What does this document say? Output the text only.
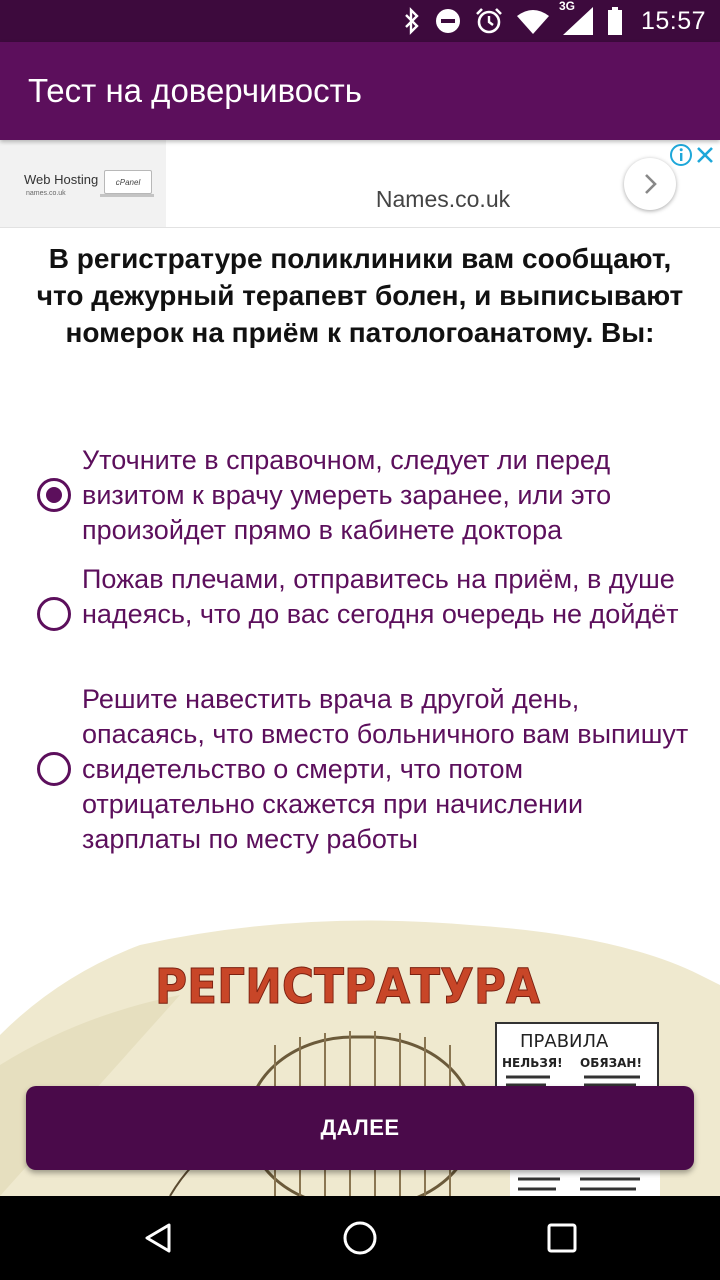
3G
15:57
Тест на доверчивость
Web Hosting
names.co.uk
cPanel
Names.co.uk
В регистратуре поликлиники вам сообщают, что дежурный терапевт болен, и выписывают номерок на приём к патологоанатому. Вы:
Уточните в справочном, следует ли перед визитом к врачу умереть заранее, или это произойдет прямо в кабинете доктора
Пожав плечами, отправитесь на приём, в душе надеясь, что до вас сегодня очередь не дойдёт
Решите навестить врача в другой день, опасаясь, что вместо больничного вам выпишут свидетельство о смерти, что потом отрицательно скажется при начислении зарплаты по месту работы
РЕГИСТРАТУРА
ПРАВИЛА
НЕЛЬЗЯ! ОБЯЗАН!
ДАЛЕЕ
